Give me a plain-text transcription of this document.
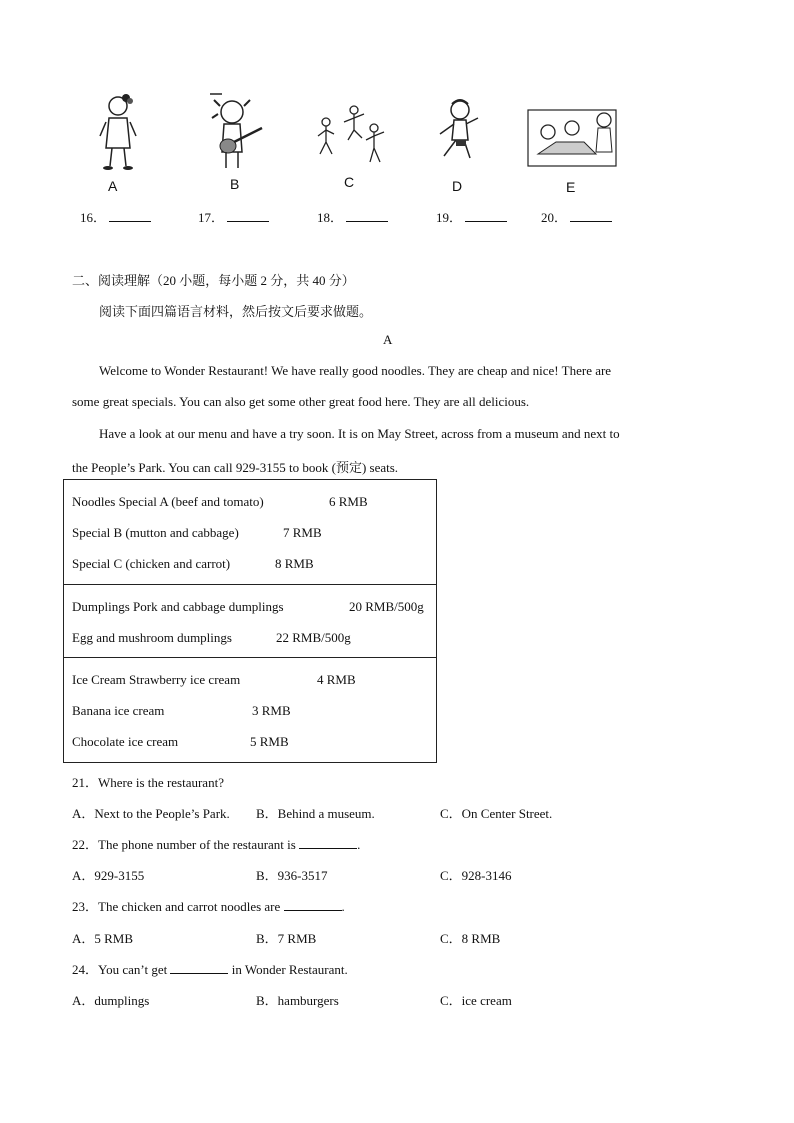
A	B	C	D	E
16．	17．	18．	19．	20．
二、阅读理解（20 小题，每小题 2 分，共 40 分）
阅读下面四篇语言材料，然后按文后要求做题。
A
Welcome to Wonder Restaurant! We have really good noodles. They are cheap and nice! There are
some great specials. You can also get some other great food here. They are all delicious.
Have a look at our menu and have a try soon. It is on May Street, across from a museum and next to
the People’s Park. You can call 929-3155 to book (预定) seats.
Noodles Special A (beef and tomato)	6 RMB
Special B (mutton and cabbage)	7 RMB
Special C (chicken and carrot)	8 RMB
Dumplings Pork and cabbage dumplings	20 RMB/500g
Egg and mushroom dumplings	22 RMB/500g
Ice Cream Strawberry ice cream	4 RMB
Banana ice cream	3 RMB
Chocolate ice cream	5 RMB
21．Where is the restaurant?
A．Next to the People’s Park. B．Behind a museum.	C．On Center Street.
22．The phone number of the restaurant is	.
A．929-3155	B．936-3517	C．928-3146
23．The chicken and carrot noodles are	.
A．5 RMB	B．7 RMB	C．8 RMB
24．You can’t get	in Wonder Restaurant.
A．dumplings	B．hamburgers	C．ice cream
